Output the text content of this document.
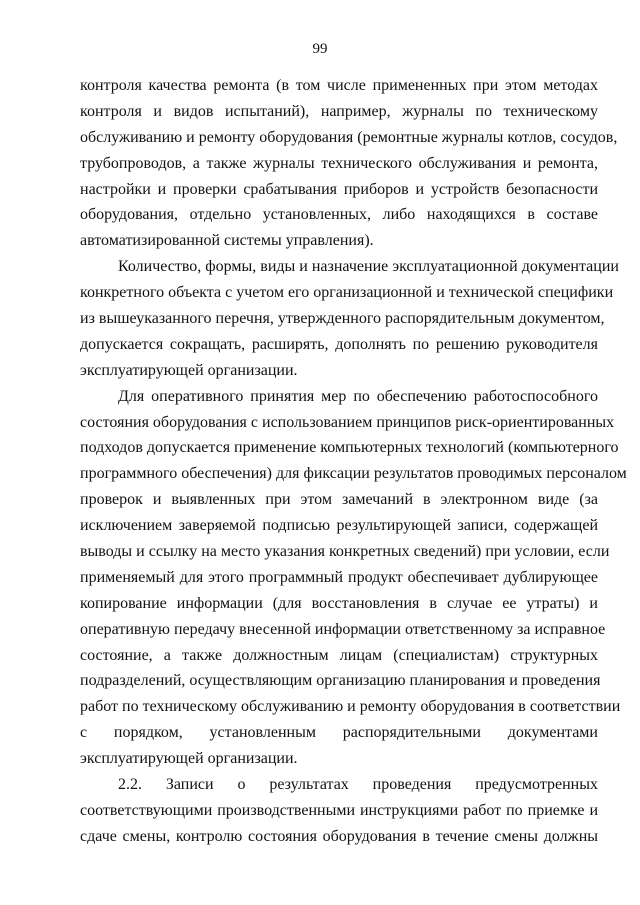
99
контроля качества ремонта (в том числе примененных при этом методах
контроля и видов испытаний), например, журналы по техническому
обслуживанию и ремонту оборудования (ремонтные журналы котлов, сосудов,
трубопроводов, а также журналы технического обслуживания и ремонта,
настройки и проверки срабатывания приборов и устройств безопасности
оборудования, отдельно установленных, либо находящихся в составе
автоматизированной системы управления).
Количество, формы, виды и назначение эксплуатационной документации
конкретного объекта с учетом его организационной и технической специфики
из вышеуказанного перечня, утвержденного распорядительным документом,
допускается сокращать, расширять, дополнять по решению руководителя
эксплуатирующей организации.
Для оперативного принятия мер по обеспечению работоспособного
состояния оборудования с использованием принципов риск-ориентированных
подходов допускается применение компьютерных технологий (компьютерного
программного обеспечения) для фиксации результатов проводимых персоналом
проверок и выявленных при этом замечаний в электронном виде (за
исключением заверяемой подписью результирующей записи, содержащей
выводы и ссылку на место указания конкретных сведений) при условии, если
применяемый для этого программный продукт обеспечивает дублирующее
копирование информации (для восстановления в случае ее утраты) и
оперативную передачу внесенной информации ответственному за исправное
состояние, а также должностным лицам (специалистам) структурных
подразделений, осуществляющим организацию планирования и проведения
работ по техническому обслуживанию и ремонту оборудования в соответствии
с порядком, установленным распорядительными документами
эксплуатирующей организации.
2.2. Записи о результатах проведения предусмотренных
соответствующими производственными инструкциями работ по приемке и
сдаче смены, контролю состояния оборудования в течение смены должны
